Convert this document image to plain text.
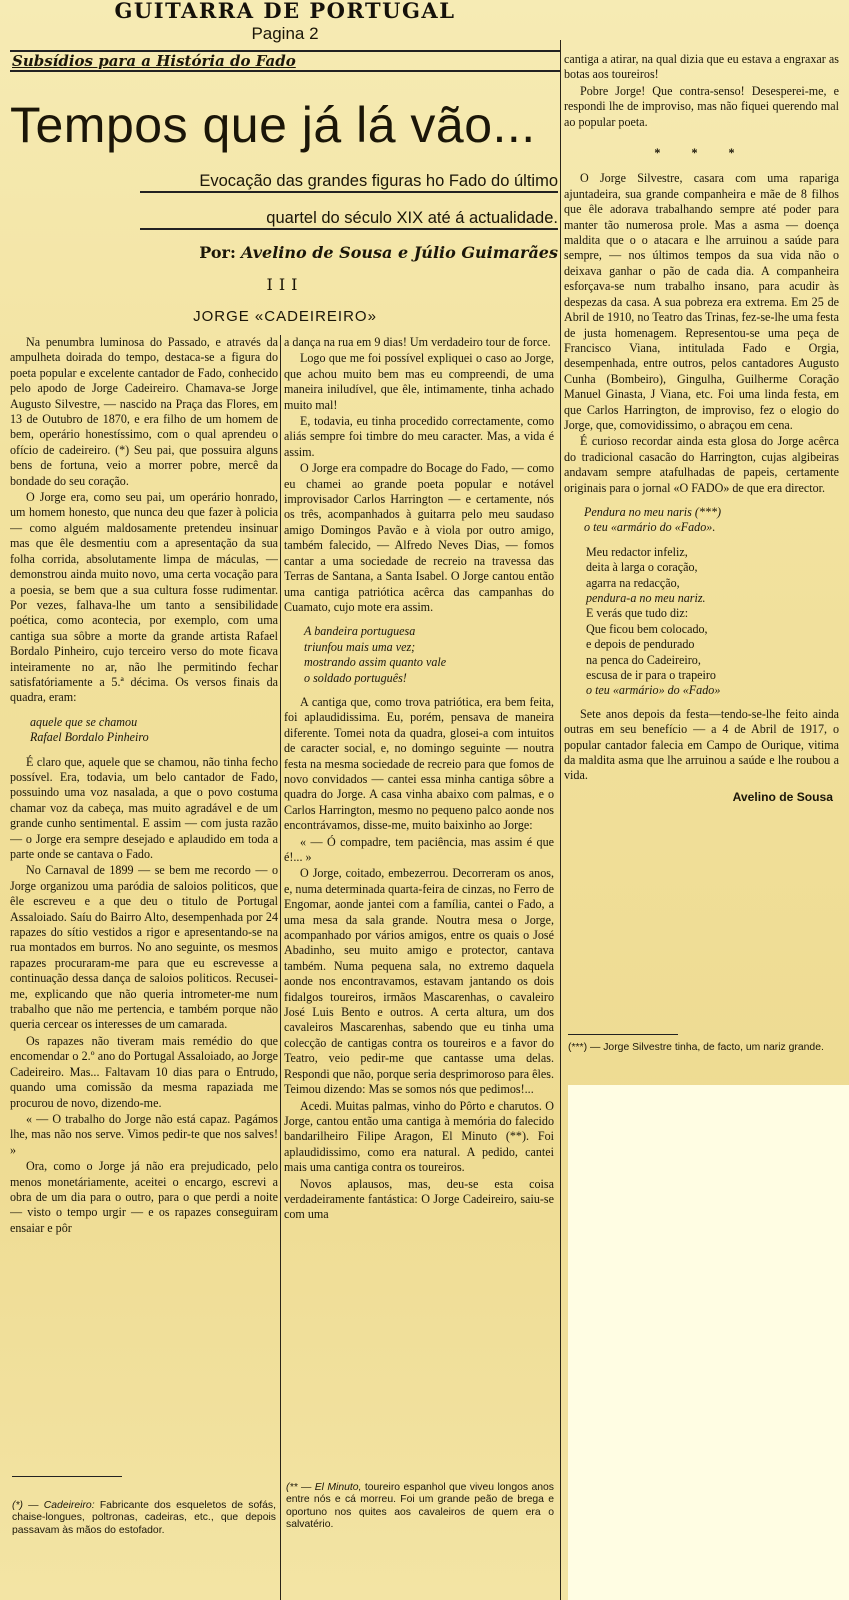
GUITARRA DE PORTUGAL
Pagina 2
Subsídios para a História do Fado
Tempos que já lá vão...
Evocação das grandes figuras ho Fado do último
quartel do século XIX até á actualidade.
Por: Avelino de Sousa e Júlio Guimarães
III
JORGE «CADEIREIRO»

Na penumbra luminosa do Passado, e através da ampulheta doirada do tempo, destaca-se a figura do poeta popular e excelente cantador de Fado, conhecido pelo apodo de Jorge Cadeireiro. Chamava-se Jorge Augusto Silvestre, — nascido na Praça das Flores, em 13 de Outubro de 1870, e era filho de um homem de bem, operário honestíssimo, com o qual aprendeu o ofício de cadeireiro. (*) Seu pai, que possuira alguns bens de fortuna, veio a morrer pobre, mercê da bondade do seu coração.

O Jorge era, como seu pai, um operário honrado, um homem honesto, que nunca deu que fazer à policia — como alguém maldosamente pretendeu insinuar mas que êle desmentiu com a apresentação da sua folha corrida, absolutamente limpa de máculas, — demonstrou ainda muito novo, uma certa vocação para a poesia, se bem que a sua cultura fosse rudimentar. Por vezes, falhava-lhe um tanto a sensibilidade poética, como acontecia, por exemplo, com uma cantiga sua sôbre a morte da grande artista Rafael Bordalo Pinheiro, cujo terceiro verso do mote ficava inteiramente no ar, não lhe permitindo fechar satisfatóriamente a 5.ª décima. Os versos finais da quadra, eram:

aquele que se chamou
Rafael Bordalo Pinheiro

É claro que, aquele que se chamou, não tinha fecho possível. Era, todavia, um belo cantador de Fado, possuindo uma voz nasalada, a que o povo costuma chamar voz da cabeça, mas muito agradável e de um grande cunho sentimental. E assim — com justa razão — o Jorge era sempre desejado e aplaudido em toda a parte onde se cantava o Fado.

No Carnaval de 1899 — se bem me recordo — o Jorge organizou uma paródia de saloios politicos, que êle escreveu e a que deu o titulo de Portugal Assaloiado. Saíu do Bairro Alto, desempenhada por 24 rapazes do sítio vestidos a rigor e apresentando-se na rua montados em burros. No ano seguinte, os mesmos rapazes procuraram-me para que eu escrevesse a continuação dessa dança de saloios politicos. Recusei-me, explicando que não queria intrometer-me num trabalho que não me pertencia, e também porque não queria cercear os interesses de um camarada.

Os rapazes não tiveram mais remédio do que encomendar o 2.º ano do Portugal Assaloiado, ao Jorge Cadeireiro. Mas... Faltavam 10 dias para o Entrudo, quando uma comissão da mesma rapaziada me procurou de novo, dizendo-me.

« — O trabalho do Jorge não está capaz. Pagámos lhe, mas não nos serve. Vimos pedir-te que nos salves! »

Ora, como o Jorge já não era prejudicado, pelo menos monetáriamente, aceitei o encargo, escrevi a obra de um dia para o outro, para o que perdi a noite — visto o tempo urgir — e os rapazes conseguiram ensaiar e pôr

a dança na rua em 9 dias! Um verdadeiro tour de force.

Logo que me foi possível expliquei o caso ao Jorge, que achou muito bem mas eu compreendi, de uma maneira iniludível, que êle, intimamente, tinha achado muito mal!

E, todavia, eu tinha procedido correctamente, como aliás sempre foi timbre do meu caracter. Mas, a vida é assim.

O Jorge era compadre do Bocage do Fado, — como eu chamei ao grande poeta popular e notável improvisador Carlos Harrington — e certamente, nós os três, acompanhados à guitarra pelo meu saudaso amigo Domingos Pavão e à viola por outro amigo, também falecido, — Alfredo Neves Dias, — fomos cantar a uma sociedade de recreio na travessa das Terras de Santana, a Santa Isabel. O Jorge cantou então uma cantiga patriótica acêrca das campanhas do Cuamato, cujo mote era assim.

A bandeira portuguesa
triunfou mais uma vez;
mostrando assim quanto vale
o soldado português!

A cantiga que, como trova patriótica, era bem feita, foi aplaudidissima. Eu, porém, pensava de maneira diferente. Tomei nota da quadra, glosei-a com intuitos de caracter social, e, no domingo seguinte — noutra festa na mesma sociedade de recreio para que fomos de novo convidados — cantei essa minha cantiga sôbre a quadra do Jorge. A casa vinha abaixo com palmas, e o Carlos Harrington, mesmo no pequeno palco aonde nos encontrávamos, disse-me, muito baixinho ao Jorge:

« — Ó compadre, tem paciência, mas assim é que é!... »

O Jorge, coitado, embezerrou. Decorreram os anos, e, numa determinada quarta-feira de cinzas, no Ferro de Engomar, aonde jantei com a família, cantei o Fado, a uma mesa da sala grande. Noutra mesa o Jorge, acompanhado por vários amigos, entre os quais o José Abadinho, seu muito amigo e protector, cantava também. Numa pequena sala, no extremo daquela aonde nos encontravamos, estavam jantando os dois fidalgos toureiros, irmãos Mascarenhas, o cavaleiro José Luis Bento e outros. A certa altura, um dos cavaleiros Mascarenhas, sabendo que eu tinha uma colecção de cantigas contra os toureiros e a favor do Teatro, veio pedir-me que cantasse uma delas. Respondi que não, porque seria desprimoroso para êles. Teimou dizendo: Mas se somos nós que pedimos!...

Acedi. Muitas palmas, vinho do Pôrto e charutos. O Jorge, cantou então uma cantiga à memória do falecido bandarilheiro Filipe Aragon, El Minuto (**). Foi aplaudidissimo, como era natural. A pedido, cantei mais uma cantiga contra os toureiros.

Novos aplausos, mas, deu-se esta coisa verdadeiramente fantástica: O Jorge Cadeireiro, saiu-se com uma

cantiga a atirar, na qual dizia que eu estava a engraxar as botas aos toureiros!

Pobre Jorge! Que contra-senso! Desesperei-me, e respondi lhe de improviso, mas não fiquei querendo mal ao popular poeta.

* * *

O Jorge Silvestre, casara com uma rapariga ajuntadeira, sua grande companheira e mãe de 8 filhos que êle adorava trabalhando sempre até poder para manter tão numerosa prole. Mas a asma — doença maldita que o o atacara e lhe arruinou a saúde para sempre, — nos últimos tempos da sua vida não o deixava ganhar o pão de cada dia. A companheira esforçava-se num trabalho insano, para acudir às despezas da casa. A sua pobreza era extrema. Em 25 de Abril de 1910, no Teatro das Trinas, fez-se-lhe uma festa de justa homenagem. Representou-se uma peça de Francisco Viana, intitulada Fado e Orgia, desempenhada, entre outros, pelos cantadores Augusto Cunha (Bombeiro), Gingulha, Guilherme Coração Manuel Ginasta, J Viana, etc. Foi uma linda festa, em que Carlos Harrington, de improviso, fez o elogio do Jorge, que, comovidissimo, o abraçou em cena.

É curioso recordar ainda esta glosa do Jorge acêrca do tradicional casacão do Harrington, cujas algibeiras andavam sempre atafulhadas de papeis, certamente originais para o jornal «O FADO» de que era director.

Pendura no meu naris (***)
o teu «armário do «Fado».
Meu redactor infeliz,
deita à larga o coração,
agarra na redacção,
pendura-a no meu nariz.
E verás que tudo diz:
Que ficou bem colocado,
e depois de pendurado
na penca do Cadeireiro,
escusa de ir para o trapeiro
o teu «armário» do «Fado»

Sete anos depois da festa—tendo-se-lhe feito ainda outras em seu benefício — a 4 de Abril de 1917, o popular cantador falecia em Campo de Ourique, vitima da maldita asma que lhe arruinou a saúde e lhe roubou a vida.

Avelino de Sousa
(*) — Cadeireiro: Fabricante dos esqueletos de sofás, chaise-longues, poltronas, cadeiras, etc., que depois passavam às mãos do estofador.
(** — El Minuto, toureiro espanhol que viveu longos anos entre nós e cá morreu. Foi um grande peão de brega e oportuno nos quites aos cavaleiros de quem era o salvatério.
(***) — Jorge Silvestre tinha, de facto, um nariz grande.
